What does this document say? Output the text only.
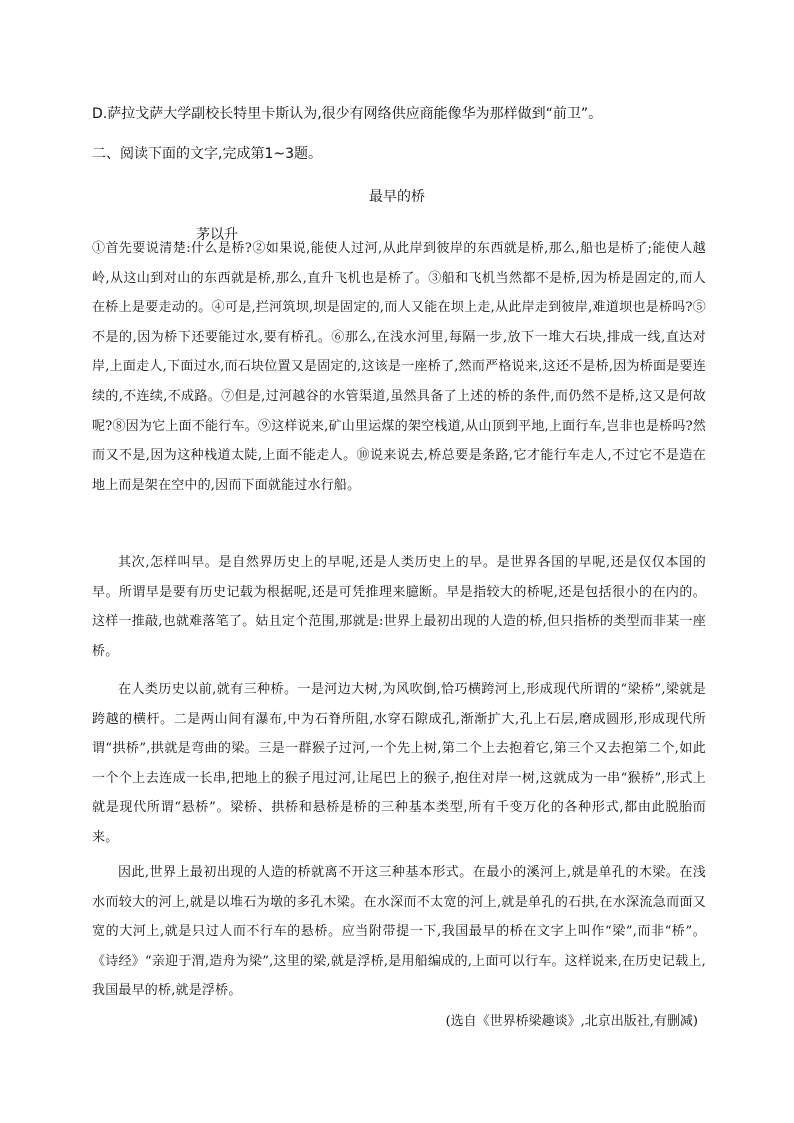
D.萨拉戈萨大学副校长特里卡斯认为,很少有网络供应商能像华为那样做到“前卫”。
二、阅读下面的文字,完成第1~3题。
最早的桥
茅以升
①首先要说清楚:什么是桥?②如果说,能使人过河,从此岸到彼岸的东西就是桥,那么,船也是桥了;能使人越岭,从这山到对山的东西就是桥,那么,直升飞机也是桥了。③船和飞机当然都不是桥,因为桥是固定的,而人在桥上是要走动的。④可是,拦河筑坝,坝是固定的,而人又能在坝上走,从此岸走到彼岸,难道坝也是桥吗?⑤不是的,因为桥下还要能过水,要有桥孔。⑥那么,在浅水河里,每隔一步,放下一堆大石块,排成一线,直达对岸,上面走人,下面过水,而石块位置又是固定的,这该是一座桥了,然而严格说来,这还不是桥,因为桥面是要连续的,不连续,不成路。⑦但是,过河越谷的水管渠道,虽然具备了上述的桥的条件,而仍然不是桥,这又是何故呢?⑧因为它上面不能行车。⑨这样说来,矿山里运煤的架空栈道,从山顶到平地,上面行车,岂非也是桥吗?然而又不是,因为这种栈道太陡,上面不能走人。⑩说来说去,桥总要是条路,它才能行车走人,不过它不是造在地上而是架在空中的,因而下面就能过水行船。
其次,怎样叫早。是自然界历史上的早呢,还是人类历史上的早。是世界各国的早呢,还是仅仅本国的早。所谓早是要有历史记载为根据呢,还是可凭推理来臆断。早是指较大的桥呢,还是包括很小的在内的。这样一推敲,也就难落笔了。姑且定个范围,那就是:世界上最初出现的人造的桥,但只指桥的类型而非某一座桥。
在人类历史以前,就有三种桥。一是河边大树,为风吹倒,恰巧横跨河上,形成现代所谓的“梁桥”,梁就是跨越的横杆。二是两山间有瀑布,中为石脊所阻,水穿石隙成孔,渐渐扩大,孔上石层,磨成圆形,形成现代所谓“拱桥”,拱就是弯曲的梁。三是一群猴子过河,一个先上树,第二个上去抱着它,第三个又去抱第二个,如此一个个上去连成一长串,把地上的猴子甩过河,让尾巴上的猴子,抱住对岸一树,这就成为一串“猴桥”,形式上就是现代所谓“悬桥”。梁桥、拱桥和悬桥是桥的三种基本类型,所有千变万化的各种形式,都由此脱胎而来。
因此,世界上最初出现的人造的桥就离不开这三种基本形式。在最小的溪河上,就是单孔的木梁。在浅水而较大的河上,就是以堆石为墩的多孔木梁。在水深而不太宽的河上,就是单孔的石拱,在水深流急而面又宽的大河上,就是只过人而不行车的悬桥。应当附带提一下,我国最早的桥在文字上叫作“梁”,而非“桥”。《诗经》“亲迎于渭,造舟为梁”,这里的梁,就是浮桥,是用船编成的,上面可以行车。这样说来,在历史记载上,我国最早的桥,就是浮桥。
(选自《世界桥梁趣谈》,北京出版社,有删减)
